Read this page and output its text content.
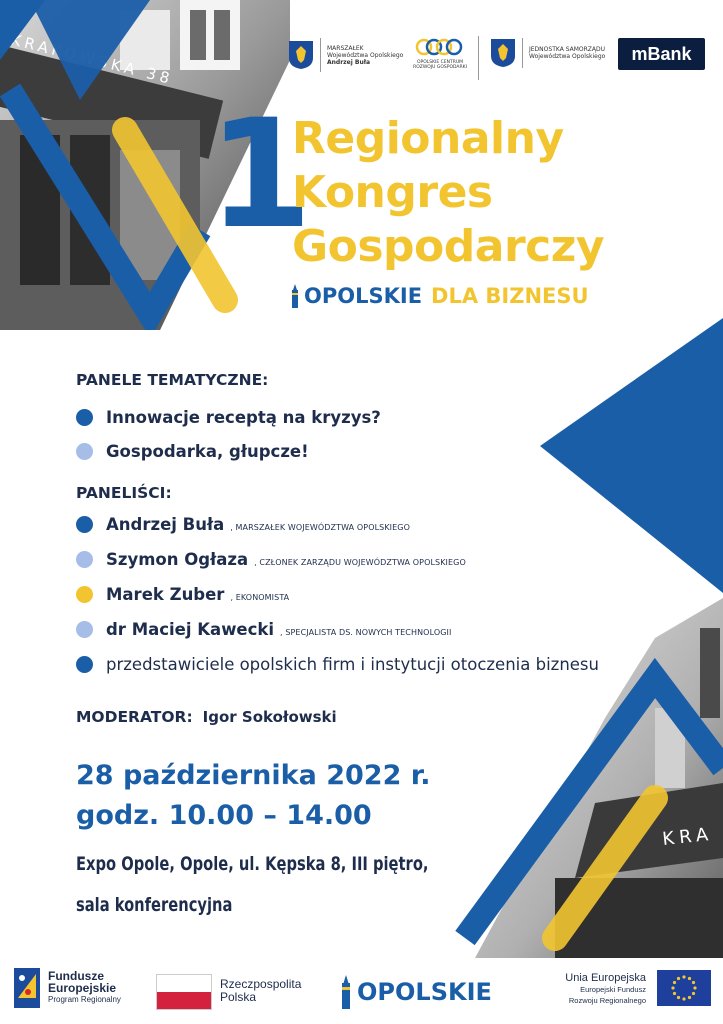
38
1
MARSZAŁEK
Województwa Opolskiego
Andrzej Buła	OPOLSKIE CENTRUM
ROZWOJU GOSPODARKI
JEDNOSTKA SAMORZĄDU
Województwa Opolskiego	mBank
Regionalny
Kongres
Gospodarczy
OPOLSKIE DLA BIZNESU
PANELE TEMATYCZNE:
Innowacje receptą na kryzys?
Gospodarka, głupcze!
PANELIŚCI:
Andrzej Buła , MARSZAŁEK WOJEWÓDZTWA OPOLSKIEGO
Szymon Ogłaza , CZŁONEK ZARZĄDU WOJEWÓDZTWA OPOLSKIEGO
Marek Zuber , EKONOMISTA
dr Maciej Kawecki , SPECJALISTA DS. NOWYCH TECHNOLOGII
przedstawiciele opolskich firm i instytucji otoczenia biznesu
MODERATOR: Igor Sokołowski
28 października 2022 r.
godz. 10.00 – 14.00
Expo Opole, Opole, ul. Kępska 8, III piętro,
sala konferencyjna
KRA
Fundusze
Europejskie
Program Regionalny
Rzeczpospolita
Polska	OPOLSKIE	Unia Europejska
Europejski Fundusz
Rozwoju Regionalnego
